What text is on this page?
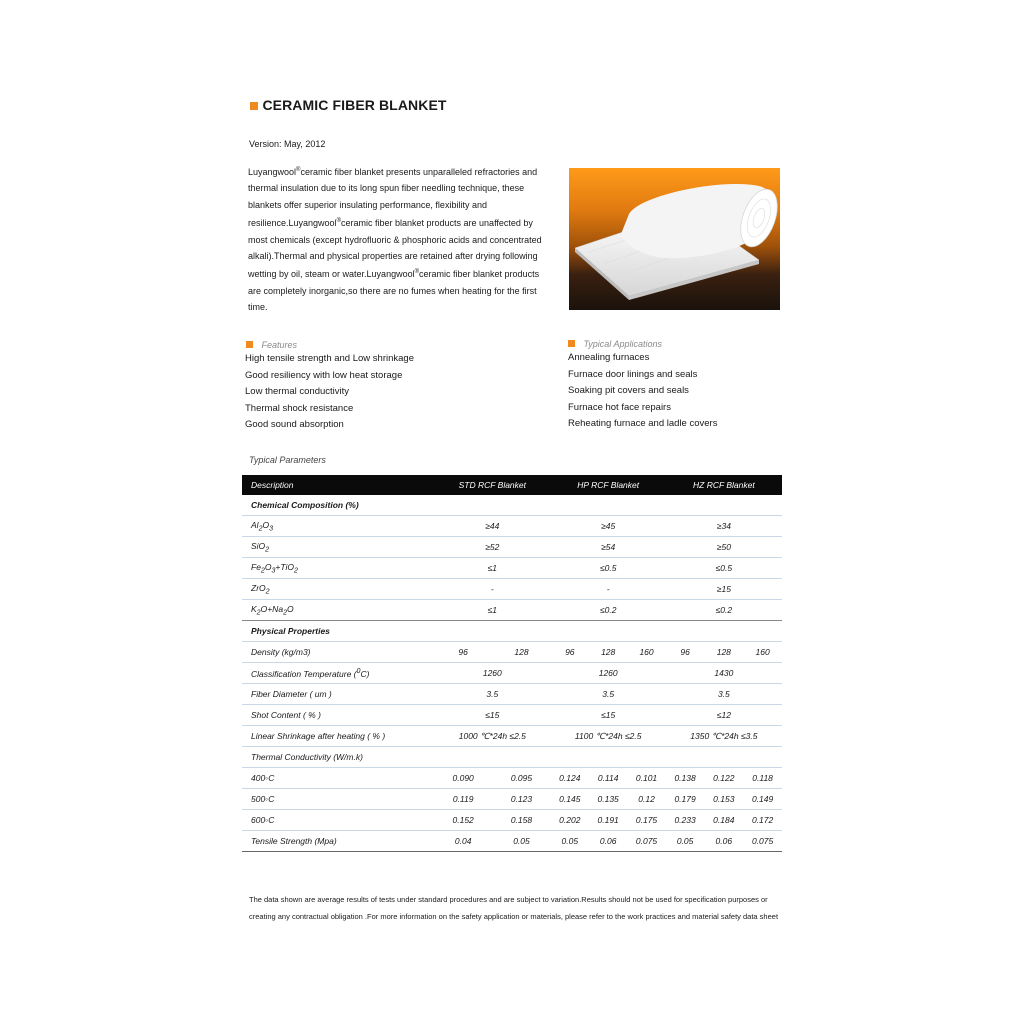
CERAMIC FIBER BLANKET
Version: May, 2012
Luyangwool®ceramic fiber blanket presents unparalleled refractories and thermal insulation due to its long spun fiber needling technique, these blankets offer superior insulating performance, flexibility and resilience.Luyangwool®ceramic fiber blanket products are unaffected by most chemicals (except hydrofluoric & phosphoric acids and concentrated alkali).Thermal and physical properties are retained after drying following wetting by oil, steam or water.Luyangwool®ceramic fiber blanket products are completely inorganic,so there are no fumes when heating for the first time.
Features
High tensile strength and Low shrinkage
Good resiliency with low heat storage
Low thermal conductivity
Thermal shock resistance
Good sound absorption
Typical Applications
Annealing furnaces
Furnace door linings and seals
Soaking pit covers and seals
Furnace hot face repairs
Reheating furnace and ladle covers
Typical Parameters
Description	STD RCF Blanket		HP RCF Blanket			HZ RCF Blanket		
Chemical Composition (%)								
$Al_2O_3$	≥44		≥45			≥34		
SiO$_2$	≥52		≥54			≥50		
$Fe_2O_3+TiO_2$	≤1		≤0.5			≤0.5		
ZrO$_2$	-		-			≥15		
$K_2O+Na_2O$	≤1		≤0.2			≤0.2		
Physical Properties								
Density (kg/m3)	96	128	96	128	160	96	128	160
Classification Temperature ($^0$C)	1260		1260			1430		
Fiber Diameter ( um )	3.5		3.5			3.5		
Shot Content ( % )	≤15		≤15			≤12		
Linear Shrinkage after heating ( % )	1000 ℃*24h ≤2.5		1100 ℃*24h ≤2.5			1350 ℃*24h ≤3.5		
Thermal Conductivity (W/m.k)								
400◦C	0.090	0.095	0.124	0.114	0.101	0.138	0.122	0.118
500◦C	0.119	0.123	0.145	0.135	0.12	0.179	0.153	0.149
600◦C	0.152	0.158	0.202	0.191	0.175	0.233	0.184	0.172
Tensile Strength (Mpa)	0.04	0.05	0.05	0.06	0.075	0.05	0.06	0.075
The data shown are average results of tests under standard procedures and are subject to variation.Results should not be used for specification purposes or creating any contractual obligation .For more information on the safety application or materials, please refer to the work practices and material safety data sheet
